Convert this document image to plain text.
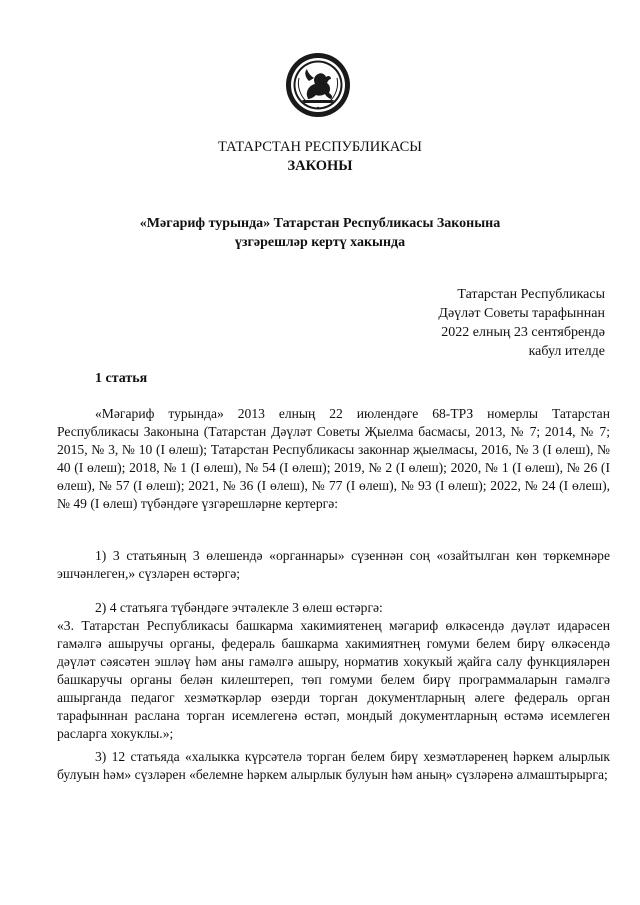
ТАТАРСТАН РЕСПУБЛИКАСЫ
ЗАКОНЫ
«Мәгариф турында» Татарстан Республикасы Законына
үзгәрешләр кертү хакында
Татарстан Республикасы
Дәүләт Советы тарафыннан
2022 елның 23 сентябрендә
кабул ителде
1 статья

«Мәгариф турында» 2013 елның 22 июлендәге 68-ТРЗ номерлы Татарстан Республикасы Законына (Татарстан Дәүләт Советы Җыелма басмасы, 2013, № 7; 2014, № 7; 2015, № 3, № 10 (I өлеш); Татарстан Республикасы законнар җыелмасы, 2016, № 3 (I өлеш), № 40 (I өлеш); 2018, № 1 (I өлеш), № 54 (I өлеш); 2019, № 2 (I өлеш); 2020, № 1 (I өлеш), № 26 (I өлеш), № 57 (I өлеш); 2021, № 36 (I өлеш), № 77 (I өлеш), № 93 (I өлеш); 2022, № 24 (I өлеш), № 49 (I өлеш) түбәндәге үзгәрешләрне кертергә:

1) 3 статьяның 3 өлешендә «органнары» сүзеннән соң «озайтылган көн төркемнәре эшчәнлеген,» сүзләрен өстәргә;

2) 4 статьяга түбәндәге эчтәлекле 3 өлеш өстәргә:
«3. Татарстан Республикасы башкарма хакимиятенең мәгариф өлкәсендә дәүләт идарәсен гамәлгә ашыручы органы, федераль башкарма хакимиятнең гомуми белем бирү өлкәсендә дәүләт сәясәтен эшләү һәм аны гамәлгә ашыру, норматив хокукый җайга салу функцияләрен башкаручы органы белән килештереп, төп гомуми белем бирү программаларын гамәлгә ашырганда педагог хезмәткәрләр өзерди торган документларның әлеге федераль орган тарафыннан раслана торган исемлегенә өстәп, мондый документларның өстәмә исемлеген расларга хокуклы.»;

3) 12 статьяда «халыкка күрсәтелә торган белем бирү хезмәтләренең һәркем алырлык булуын һәм» сүзләрен «белемне һәркем алырлык булуын һәм аның» сүзләренә алмаштырырга;
